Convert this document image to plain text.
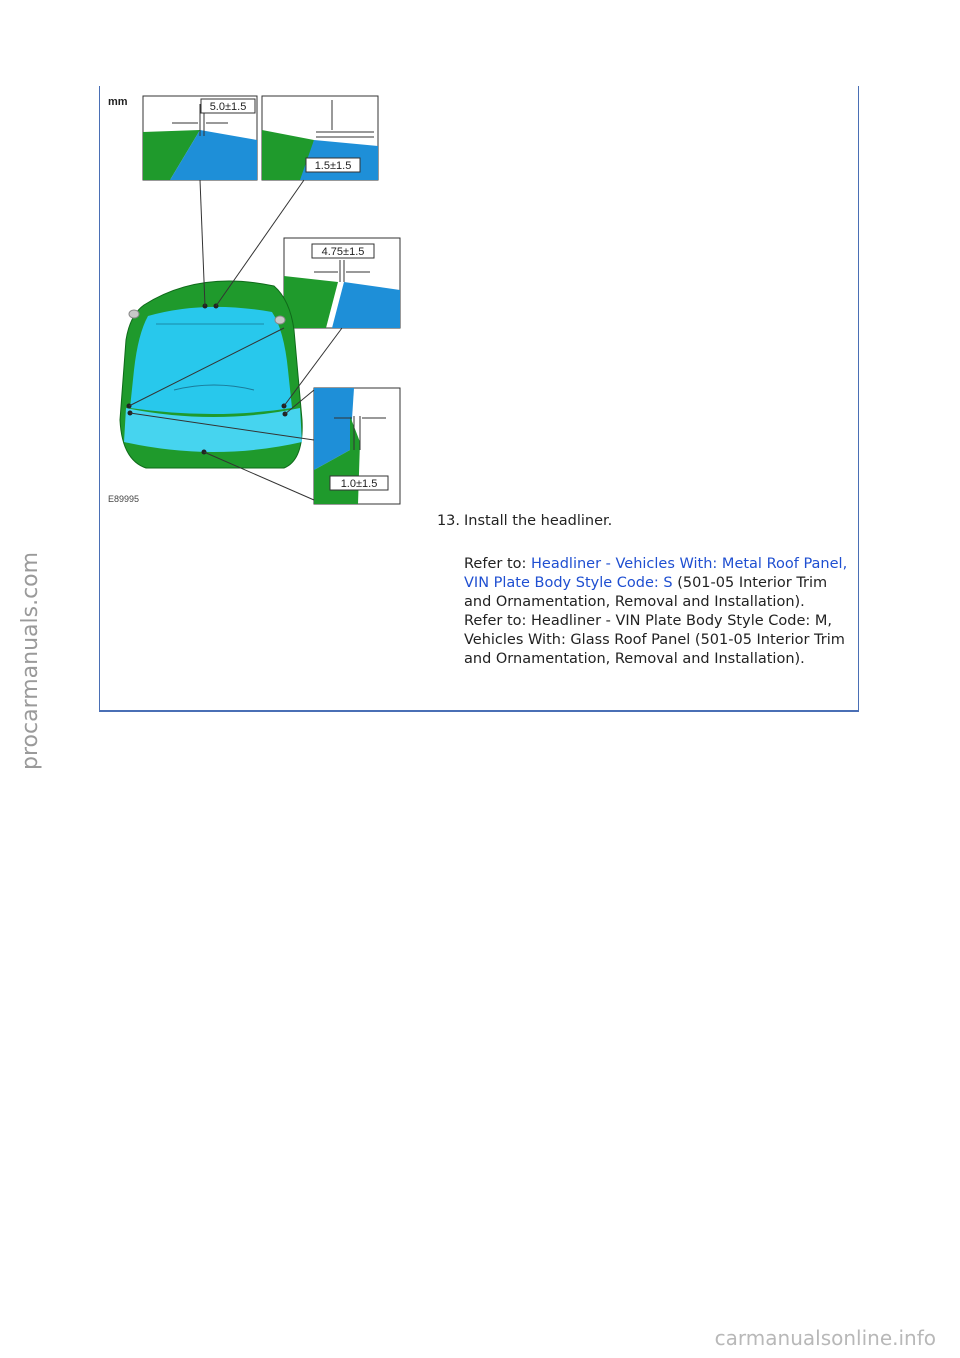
mm	5.0±1.5
1.5±1.5
4.75±1.5
1.0±1.5
E89995
13. Install the headliner.

Refer to: Headliner - Vehicles With: Metal Roof Panel, VIN Plate Body Style Code: S (501-05 Interior Trim and Ornamentation, Removal and Installation).

Refer to: Headliner - VIN Plate Body Style Code: M, Vehicles With: Glass Roof Panel (501-05 Interior Trim and Ornamentation, Removal and Installation).

procarmanuals.com
carmanualsonline.info
